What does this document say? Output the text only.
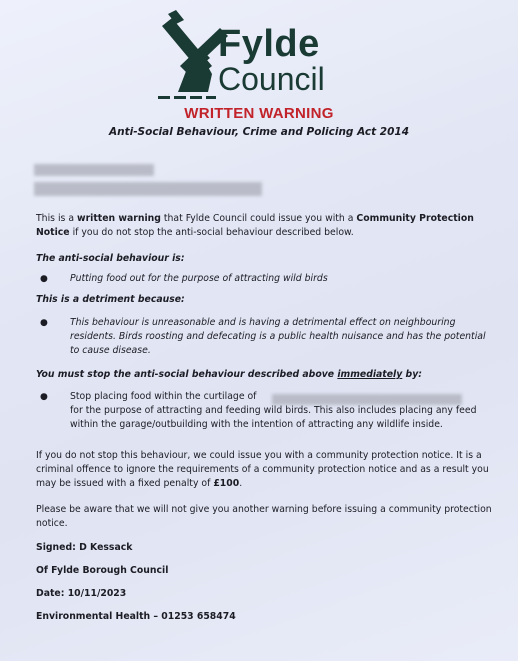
Fylde
Council
WRITTEN WARNING
Anti-Social Behaviour, Crime and Policing Act 2014
This is a written warning that Fylde Council could issue you with a Community Protection Notice if you do not stop the anti-social behaviour described below.
The anti-social behaviour is:
●	Putting food out for the purpose of attracting wild birds
This is a detriment because:
●	This behaviour is unreasonable and is having a detrimental effect on neighbouring residents. Birds roosting and defecating is a public health nuisance and has the potential to cause disease.
You must stop the anti-social behaviour described above immediately by:
●	Stop placing food within the curtilage of
for the purpose of attracting and feeding wild birds. This also includes placing any feed within the garage/outbuilding with the intention of attracting any wildlife inside.
If you do not stop this behaviour, we could issue you with a community protection notice. It is a criminal offence to ignore the requirements of a community protection notice and as a result you may be issued with a fixed penalty of £100.
Please be aware that we will not give you another warning before issuing a community protection notice.
Signed: D Kessack
Of Fylde Borough Council
Date: 10/11/2023
Environmental Health – 01253 658474
